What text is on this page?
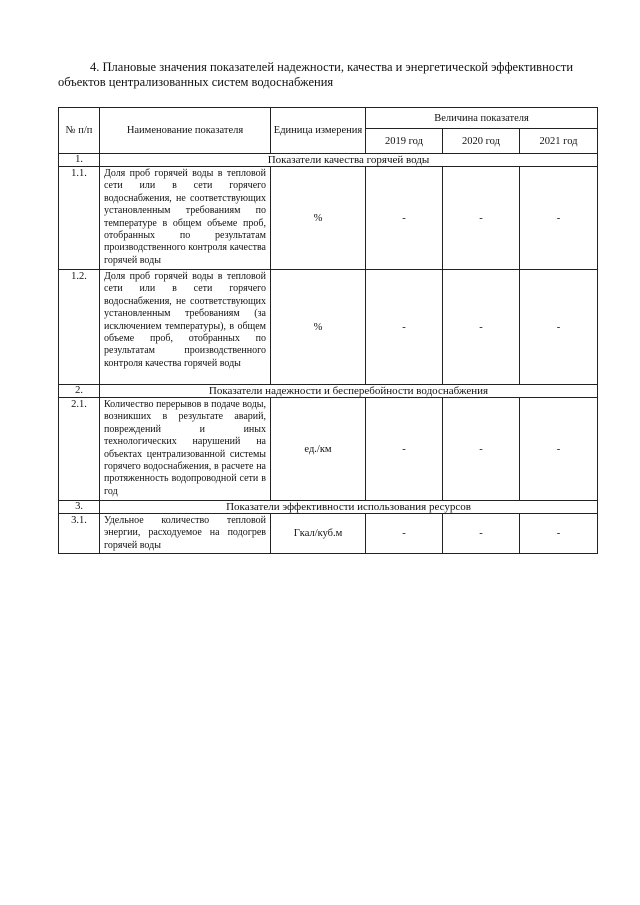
4. Плановые значения показателей надежности, качества и энергетической эффективности
объектов централизованных систем водоснабжения
№ п/п	Наименование показателя	Единица измерения	Величина показателя		
			2019 год	2020 год	2021 год
1.	Показатели качества горячей воды				
1.1.	Доля проб горячей воды в тепловой сети или в сети горячего водоснабжения, не соответствующих установленным требованиям по температуре в общем объеме проб, отобранных по результатам производственного контроля качества горячей воды	%	-	-	-
1.2.	Доля проб горячей воды в тепловой сети или в сети горячего водоснабжения, не соответствующих установленным требованиям (за исключением температуры), в общем объеме проб, отобранных по результатам производственного контроля качества горячей воды	%	-	-	-
2.	Показатели надежности и бесперебойности водоснабжения				
2.1.	Количество перерывов в подаче воды, возникших в результате аварий, повреждений и иных технологических нарушений на объектах централизованной системы горячего водоснабжения, в расчете на протяженность водопроводной сети в год	ед./км	-	-	-
3.	Показатели эффективности использования ресурсов				
3.1.	Удельное количество тепловой энергии, расходуемое на подогрев горячей воды	Гкал/куб.м	-	-	-
